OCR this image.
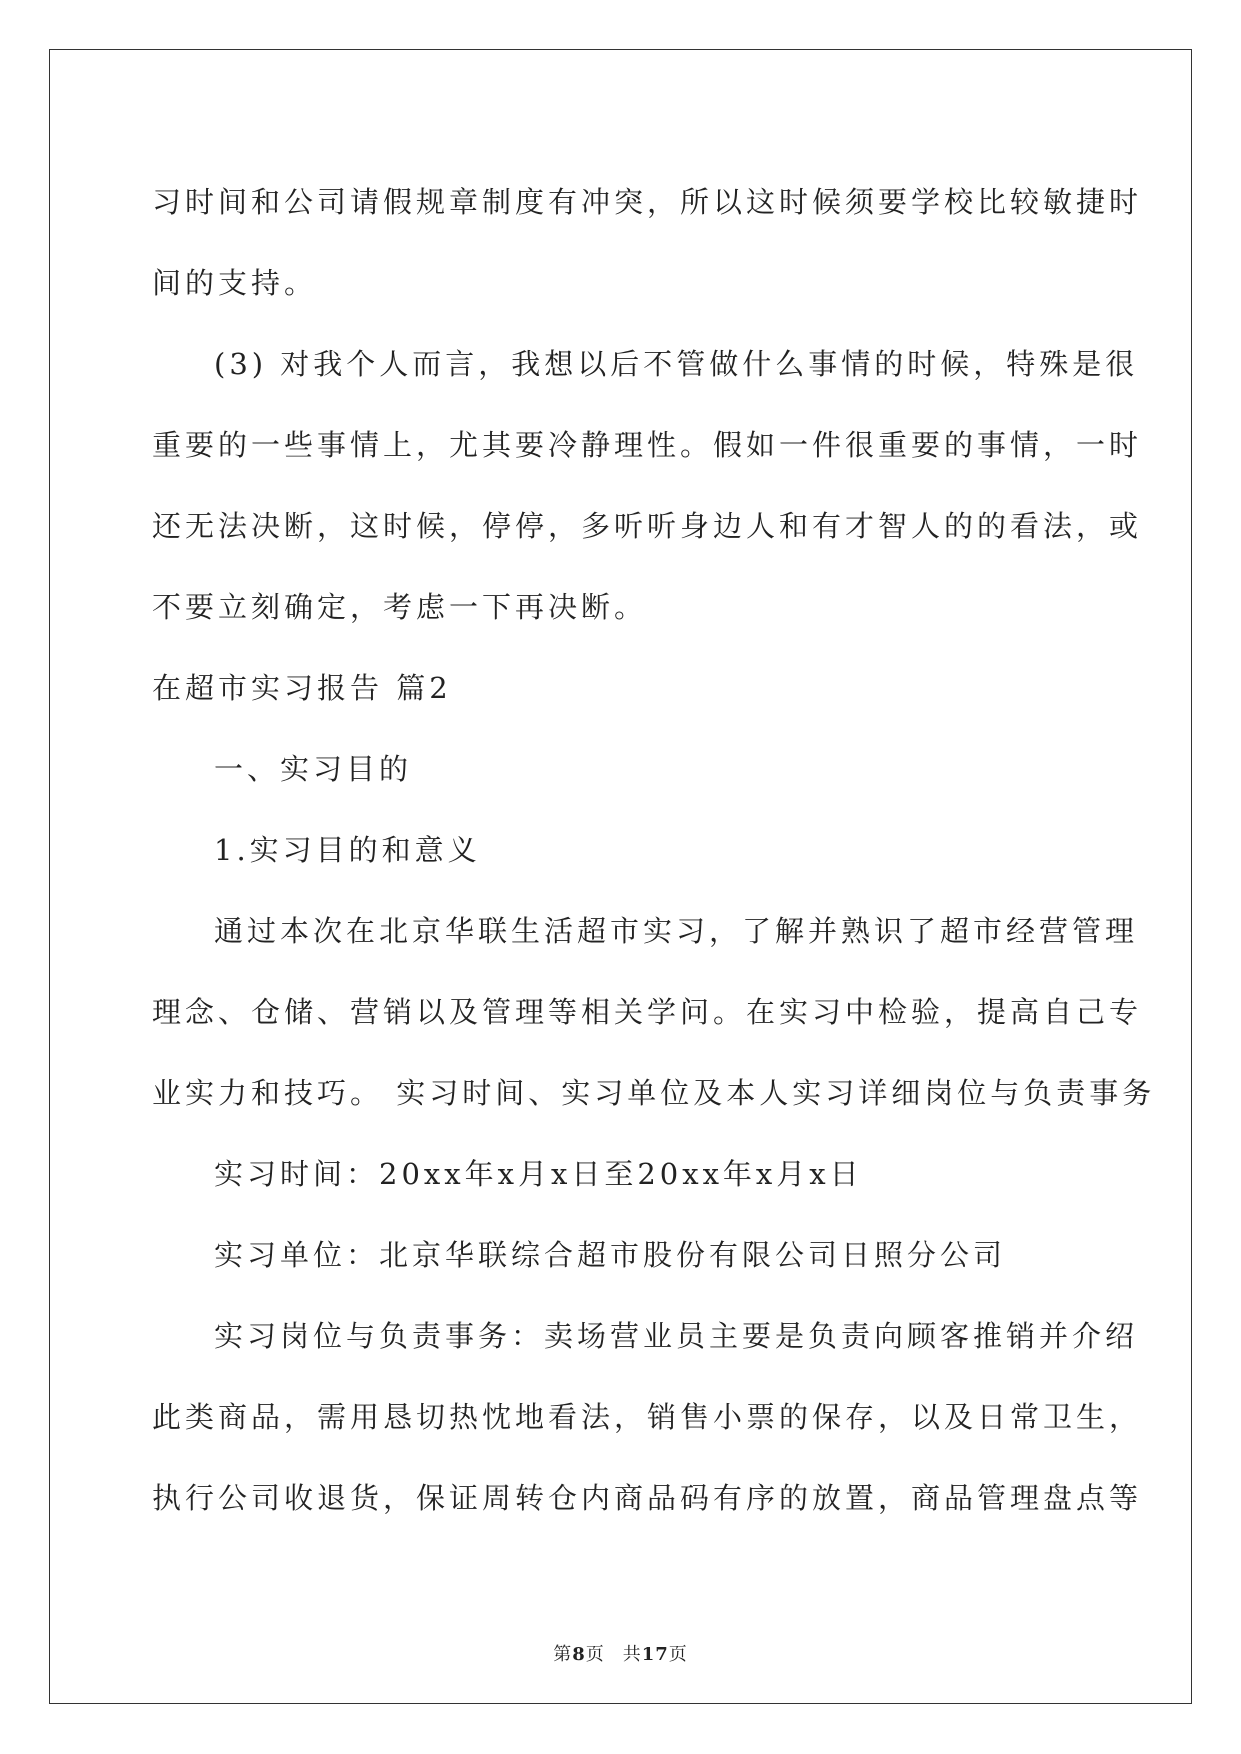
习时间和公司请假规章制度有冲突，所以这时候须要学校比较敏捷时
间的支持。

(3) 对我个人而言，我想以后不管做什么事情的时候，特殊是很
重要的一些事情上，尤其要冷静理性。假如一件很重要的事情，一时
还无法决断，这时候，停停，多听听身边人和有才智人的的看法，或
不要立刻确定，考虑一下再决断。

在超市实习报告 篇2

一、实习目的

1.实习目的和意义

通过本次在北京华联生活超市实习，了解并熟识了超市经营管理
理念、仓储、营销以及管理等相关学问。在实习中检验，提高自己专
业实力和技巧。 实习时间、实习单位及本人实习详细岗位与负责事务

实习时间：20xx年x月x日至20xx年x月x日

实习单位：北京华联综合超市股份有限公司日照分公司

实习岗位与负责事务：卖场营业员主要是负责向顾客推销并介绍
此类商品，需用恳切热忱地看法，销售小票的保存，以及日常卫生，
执行公司收退货，保证周转仓内商品码有序的放置，商品管理盘点等

第8页 共17页
